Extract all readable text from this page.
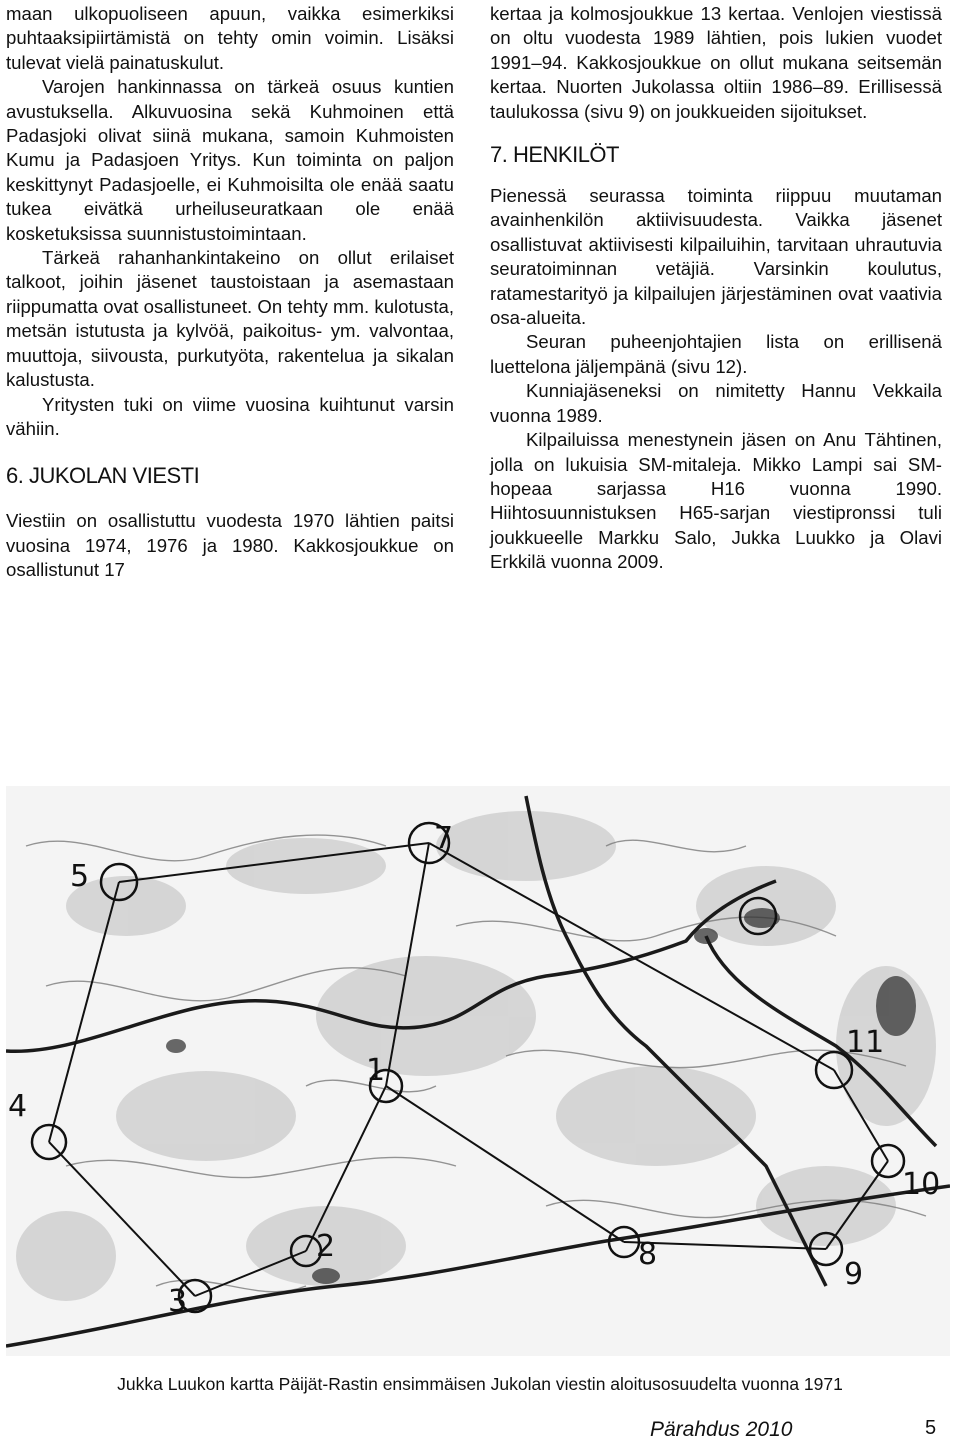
maan ulkopuoliseen apuun, vaikka esimerkiksi puhtaaksipiirtämistä on tehty omin voimin. Lisäksi tulevat vielä painatuskulut.

Varojen hankinnassa on tärkeä osuus kuntien avustuksella. Alkuvuosina sekä Kuhmoinen että Padasjoki olivat siinä mukana, samoin Kuhmoisten Kumu ja Padasjoen Yritys. Kun toiminta on paljon keskittynyt Padasjoelle, ei Kuhmoisilta ole enää saatu tukea eivätkä urheiluseuratkaan ole enää kosketuksissa suunnistustoimintaan.

Tärkeä rahanhankintakeino on ollut erilaiset talkoot, joihin jäsenet taustoistaan ja asemastaan riippumatta ovat osallistuneet. On tehty mm. kulotusta, metsän istutusta ja kylvöä, paikoitus- ym. valvontaa, muuttoja, siivousta, purkutyöta, rakentelua ja sikalan kalustusta.

Yritysten tuki on viime vuosina kuihtunut varsin vähiin.

6. JUKOLAN VIESTI

Viestiin on osallistuttu vuodesta 1970 lähtien paitsi vuosina 1974, 1976 ja 1980. Kakkosjoukkue on osallistunut 17

kertaa ja kolmosjoukkue 13 kertaa. Venlojen viestissä on oltu vuodesta 1989 lähtien, pois lukien vuodet 1991–94. Kakkosjoukkue on ollut mukana seitsemän kertaa. Nuorten Jukolassa oltiin 1986–89. Erillisessä taulukossa (sivu 9) on joukkueiden sijoitukset.

7. HENKILÖT

Pienessä seurassa toiminta riippuu muutaman avainhenkilön aktiivisuudesta. Vaikka jäsenet osallistuvat aktiivisesti kilpailuihin, tarvitaan uhrautuvia seuratoiminnan vetäjiä. Varsinkin koulutus, ratamestarityö ja kilpailujen järjestäminen ovat vaativia osa-alueita.

Seuran puheenjohtajien lista on erillisenä luettelona jäljempänä (sivu 12).

Kunniajäseneksi on nimitetty Hannu Vekkaila vuonna 1989.

Kilpailuissa menestynein jäsen on Anu Tähtinen, jolla on lukuisia SM-mitaleja. Mikko Lampi sai SM-hopeaa sarjassa H16 vuonna 1990. Hiihtosuunnistuksen H65-sarjan viestipronssi tuli joukkueelle Markku Salo, Jukka Luukko ja Olavi Erkkilä vuonna 2009.

5
7
1
2
3
4
11
10
9
8
Jukka Luukon kartta Päijät-Rastin ensimmäisen Jukolan viestin aloitusosuudelta vuonna 1971
Pärahdus 2010	5
